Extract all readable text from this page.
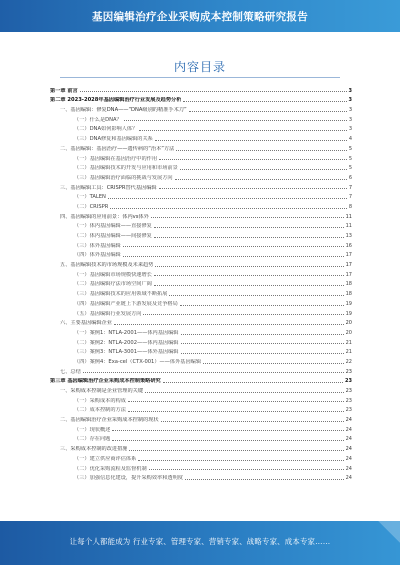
基因编辑治疗企业采购成本控制策略研究报告
内容目录
第一章 前言	3
第二章 2023-2028年基因编辑治疗行业发展及趋势分析	3
一、基因编辑：修复DNA——“DNA级别的精准手术刀”	3
（一）什么是DNA？	3
（二）DNA如何影响人体？	3
（三）DNA修复和基因编辑的关系	4
二、基因编辑：基因治疗——遗传病的“治本”方法	5
（一）基因编辑在基因治疗中的作用	5
（二）基因编辑技术的开发与应用和市场前景	5
（三）基因编辑治疗面临的挑战与发展方向	6
三、基因编辑工具：CRISPR替代基因编辑	7
（一）TALEN	7
（二）CRISPR	8
四、基因编辑的应用前景：体内vs体外	11
（一）体内基因编辑——直接修复	11
（二）体内基因编辑——间接修复	13
（三）体外基因编辑	16
（四）体外基因编辑	17
五、基因编辑技术的市场规模及未来趋势	17
（一）基因编辑市场规模快速增长	17
（二）基因编辑疗法市场空间广阔	18
（三）基因编辑技术的应用领域不断拓展	18
（四）基因编辑产业链上下游发展及竞争格局	19
（五）基因编辑行业发展方向	19
六、主要基因编辑企业	20
（一）案例1：NTLA-2001——体内基因编辑	20
（二）案例2：NTLA-2002——体内基因编辑	21
（三）案例3：NTLA-3001——体外基因编辑	21
（四）案例4：Exa-cel（CTX-001）——体外基因编辑	22
七、总结	23
第三章 基因编辑治疗企业采购成本控制策略研究	23
一、采购成本控制是企业管理的关键	23
（一）采购成本的构成	23
（二）成本控制的方法	23
二、基因编辑治疗企业采购成本控制的现状	24
（一）现状概述	24
（二）存在问题	24
三、采购成本控制的改进措施	24
（一）建立供应商评估体系	24
（二）优化采购流程及监督机制	24
（三）加强信息化建设，提升采购效率和透明度	24
让每个人都能成为 行业专家、管理专家、营销专家、战略专家、成本专家……
